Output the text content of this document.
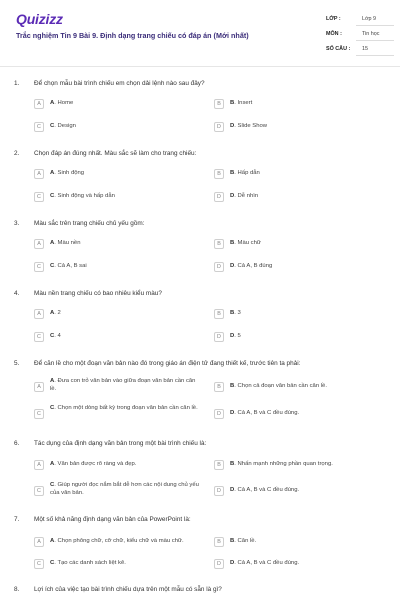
Quizizz
Trắc nghiệm Tin 9 Bài 9. Định dạng trang chiếu có đáp án (Mới nhất)
LỚP :	Lớp 9
MÔN :	Tin học
SỐ CÂU : 15
1. Để chọn mẫu bài trình chiếu em chọn dải lệnh nào sau đây?
A	A. Home	B	B. Insert
C	C. Design	D	D. Slide Show
2. Chọn đáp án đúng nhất. Màu sắc sẽ làm cho trang chiếu:
A	A. Sinh động	B	B. Hấp dẫn
C	C. Sinh động và hấp dẫn	D	D. Dễ nhìn
3. Màu sắc trên trang chiếu chủ yếu gồm:
A	A. Màu nền	B	B. Màu chữ
C	C. Cả A, B sai	D	D. Cả A, B đúng
4. Màu nền trang chiếu có bao nhiêu kiểu màu?
A	A. 2	B	B. 3
C	C. 4	D	D. 5
5. Để căn lề cho một đoạn văn bản nào đó trong giáo án điện tử đang thiết kế, trước tiên ta phải:
A
A. Đưa con trỏ văn bản vào giữa đoạn văn bản cần căn lề.	B	B. Chọn cả đoạn văn bản cần căn lề.
C
C. Chọn một dòng bất kỳ trong đoạn văn bản cần căn lề.
D	D. Cả A, B và C đều đúng.
6. Tác dụng của định dạng văn bản trong một bài trình chiếu là:
A	A. Văn bản được rõ ràng và đẹp.	B	B. Nhấn mạnh những phần quan trọng.
C
C. Giúp người đọc nắm bắt dễ hơn các nội dung chủ yếu của văn bản.	D	D. Cả A, B và C đều đúng.
7. Một số khả năng định dạng văn bản của PowerPoint là:
A	A. Chọn phông chữ, cỡ chữ, kiểu chữ và màu chữ.	B	B. Căn lề.
C	C. Tạo các danh sách liệt kê.	D	D. Cả A, B và C đều đúng.
8. Lợi ích của việc tạo bài trình chiếu dựa trên một mẫu có sẵn là gì?
